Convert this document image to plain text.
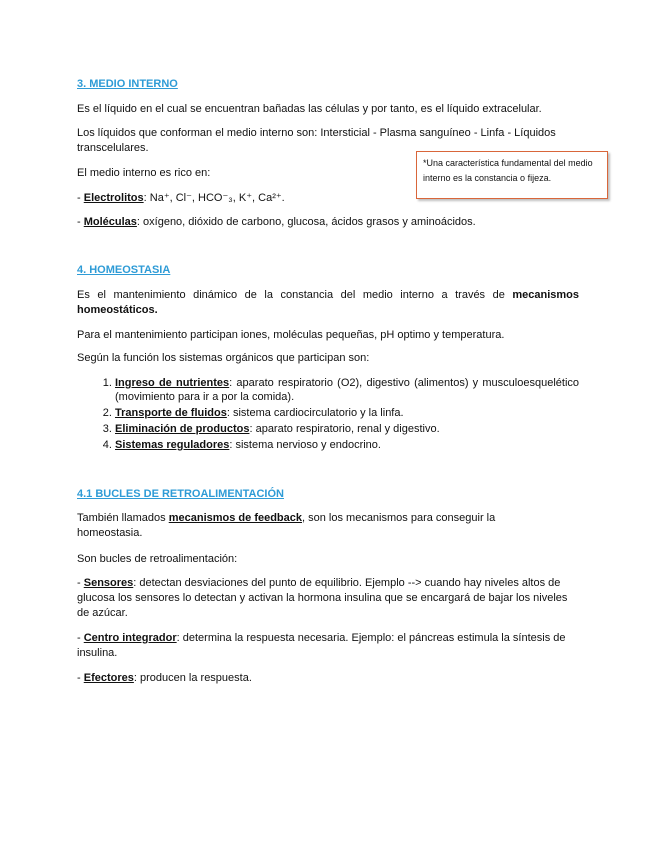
3. MEDIO INTERNO

Es el líquido en el cual se encuentran bañadas las células y por tanto, es el líquido extracelular.

Los líquidos que conforman el medio interno son: Intersticial - Plasma sanguíneo - Linfa - Líquidos transcelulares.

El medio interno es rico en:

- Electrolitos: Na⁺, Cl⁻, HCO⁻₃, K⁺, Ca²⁺.

- Moléculas: oxígeno, dióxido de carbono, glucosa, ácidos grasos y aminoácidos.

*Una característica fundamental del medio interno es la constancia o fijeza.

4. HOMEOSTASIA

Es el mantenimiento dinámico de la constancia del medio interno a través de mecanismos homeostáticos.

Para el mantenimiento participan iones, moléculas pequeñas, pH optimo y temperatura.

Según la función los sistemas orgánicos que participan son:

1. Ingreso de nutrientes: aparato respiratorio (O2), digestivo (alimentos) y musculoesquelético (movimiento para ir a por la comida).
2. Transporte de fluidos: sistema cardiocirculatorio y la linfa.
3. Eliminación de productos: aparato respiratorio, renal y digestivo.
4. Sistemas reguladores: sistema nervioso y endocrino.

4.1 BUCLES DE RETROALIMENTACIÓN

También llamados mecanismos de feedback, son los mecanismos para conseguir la homeostasia.

Son bucles de retroalimentación:

- Sensores: detectan desviaciones del punto de equilibrio. Ejemplo --> cuando hay niveles altos de glucosa los sensores lo detectan y activan la hormona insulina que se encargará de bajar los niveles de azúcar.

- Centro integrador: determina la respuesta necesaria. Ejemplo: el páncreas estimula la síntesis de insulina.

- Efectores: producen la respuesta.
